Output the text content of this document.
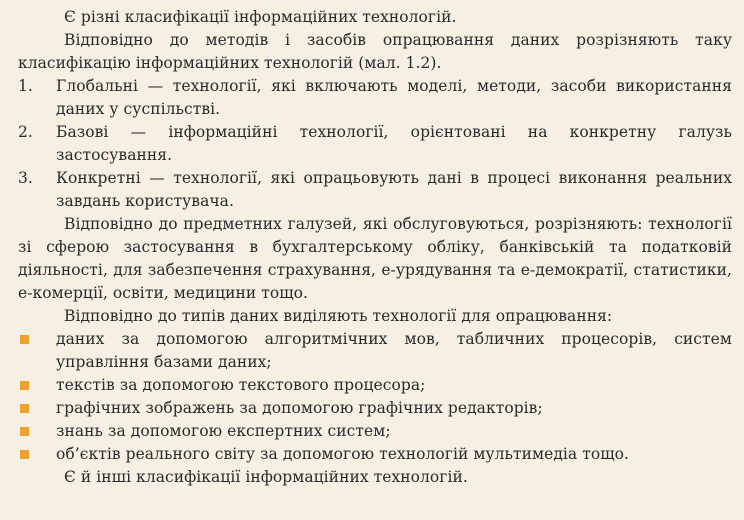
Є різні класифікації інформаційних технологій.

Відповідно до методів і засобів опрацювання даних розрізняють таку класифікацію інформаційних технологій (мал. 1.2).

1. Глобальні — технології, які включають моделі, методи, засоби використання даних у суспільстві.

2. Базові — інформаційні технології, орієнтовані на конкретну галузь застосування.

3. Конкретні — технології, які опрацьовують дані в процесі виконання реальних завдань користувача.

Відповідно до предметних галузей, які обслуговуються, розрізняють: технології зі сферою застосування в бухгалтерському обліку, банківській та податковій діяльності, для забезпечення страхування, е-урядування та е-демократії, статистики, е-комерції, освіти, медицини тощо.

Відповідно до типів даних виділяють технології для опрацювання:

даних за допомогою алгоритмічних мов, табличних процесорів, систем управління базами даних;

текстів за допомогою текстового процесора;

графічних зображень за допомогою графічних редакторів;

знань за допомогою експертних систем;

об’єктів реального світу за допомогою технологій мультимедіа тощо.

Є й інші класифікації інформаційних технологій.
